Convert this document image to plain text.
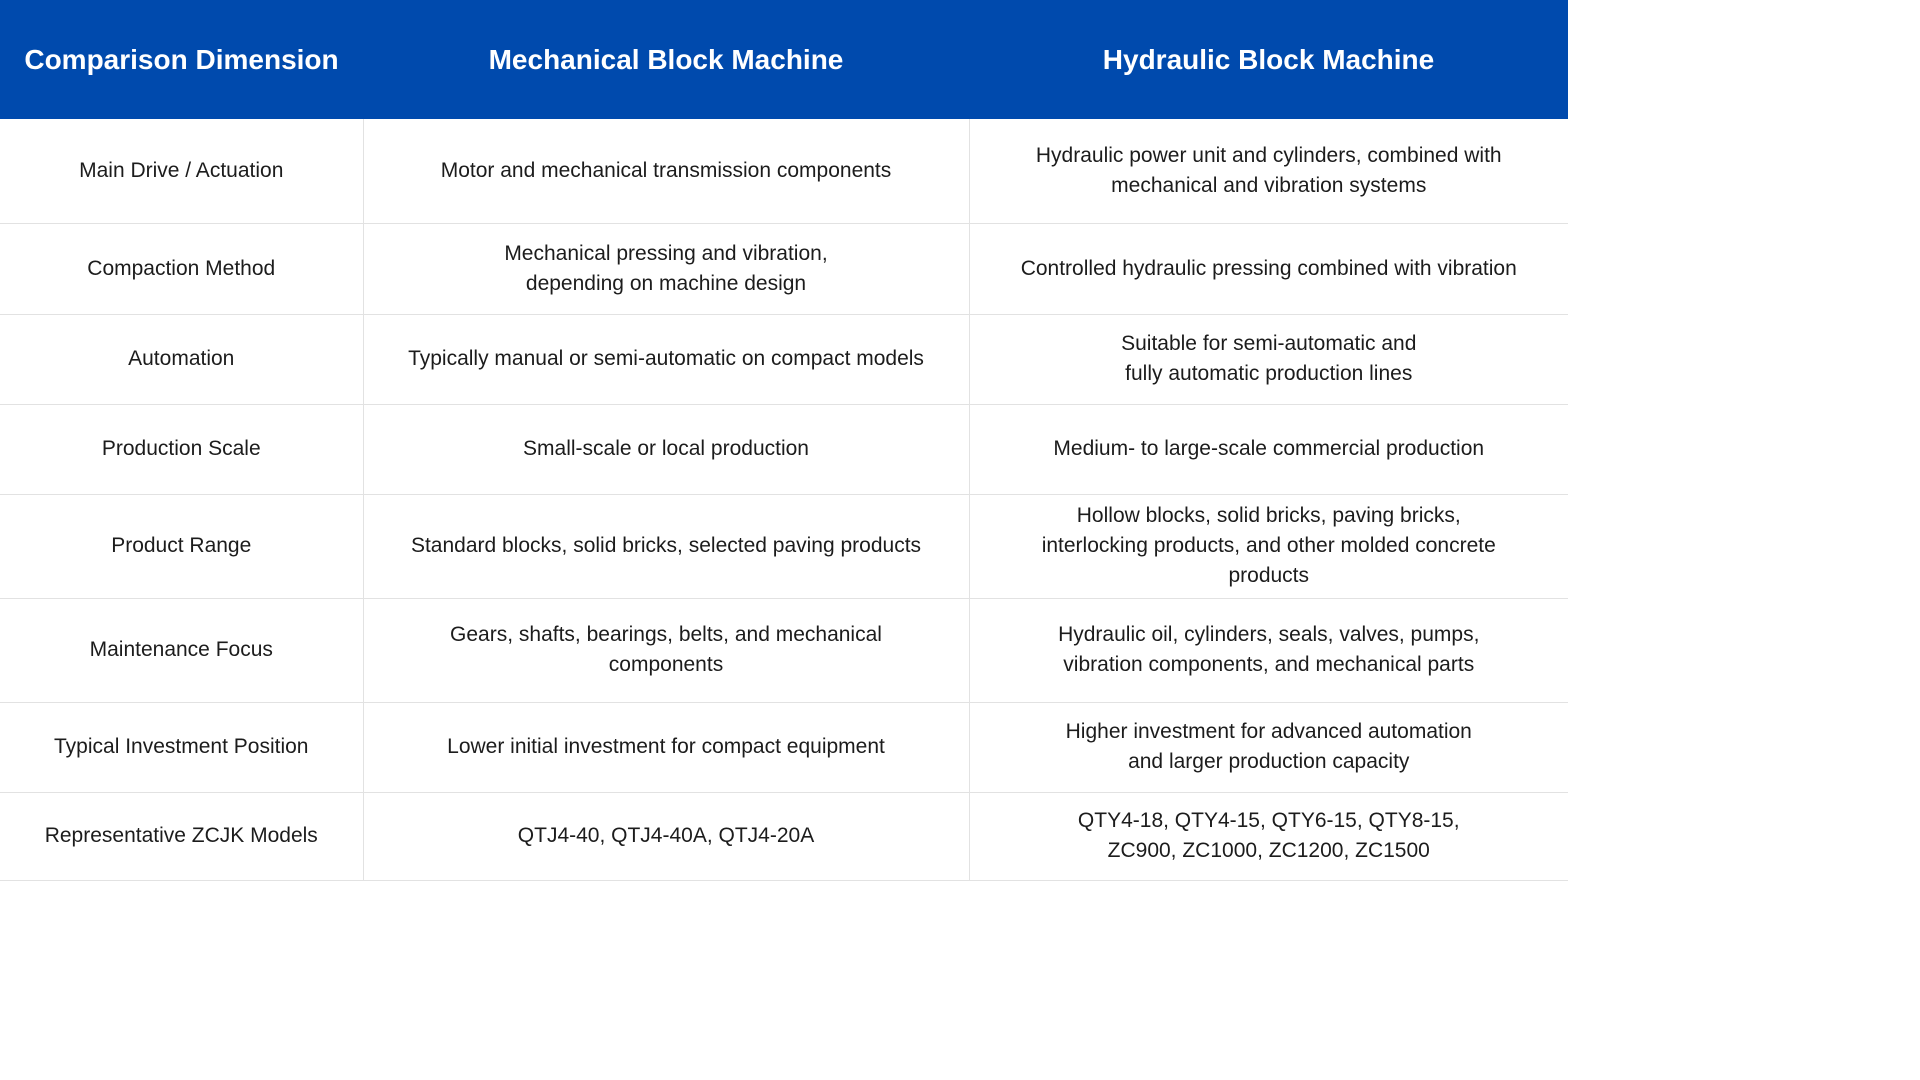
Comparison Dimension	Mechanical Block Machine	Hydraulic Block Machine

Main Drive / Actuation	Motor and mechanical transmission components	Hydraulic power unit and cylinders, combined with
mechanical and vibration systems

Compaction Method	Mechanical pressing and vibration,
depending on machine design	Controlled hydraulic pressing combined with vibration

Automation	Typically manual or semi-automatic on compact models	Suitable for semi-automatic and
fully automatic production lines

Production Scale	Small-scale or local production	Medium- to large-scale commercial production

Product Range	Standard blocks, solid bricks, selected paving products	Hollow blocks, solid bricks, paving bricks,
interlocking products, and other molded concrete
products

Maintenance Focus	Gears, shafts, bearings, belts, and mechanical
components	Hydraulic oil, cylinders, seals, valves, pumps,
vibration components, and mechanical parts

Typical Investment Position	Lower initial investment for compact equipment	Higher investment for advanced automation
and larger production capacity

Representative ZCJK Models	QTJ4-40, QTJ4-40A, QTJ4-20A	QTY4-18, QTY4-15, QTY6-15, QTY8-15,
ZC900, ZC1000, ZC1200, ZC1500
